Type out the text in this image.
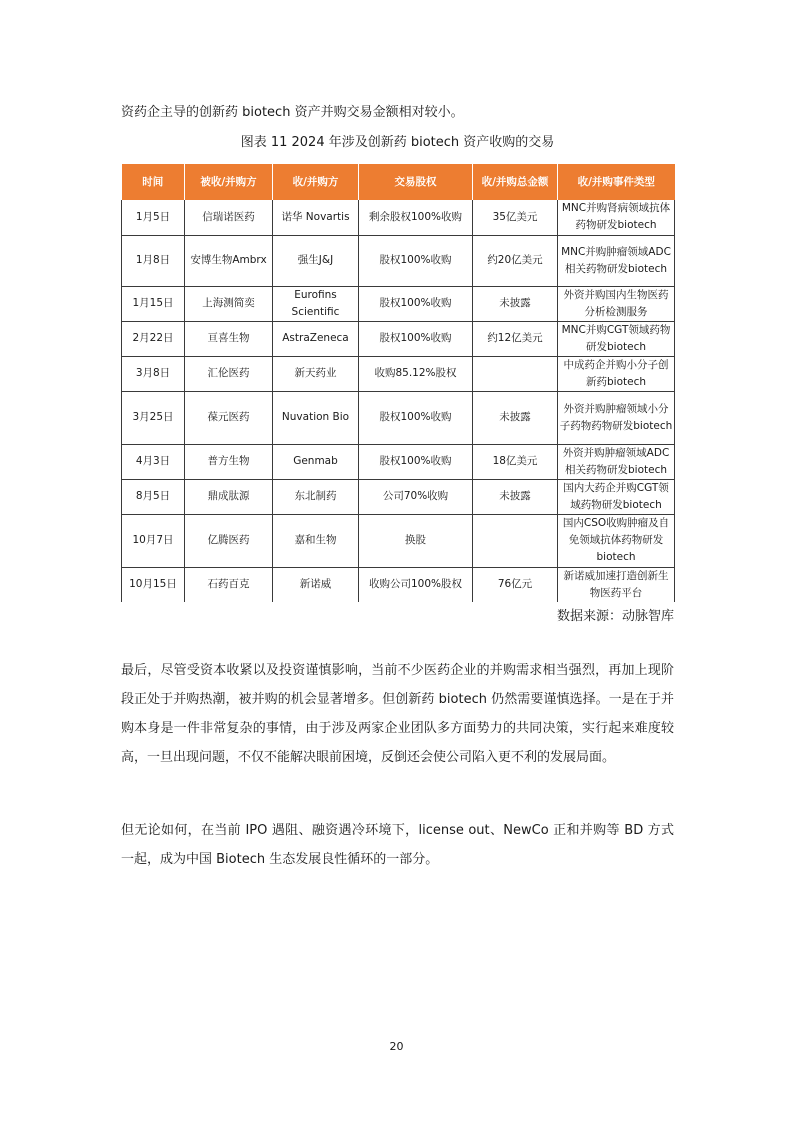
资药企主导的创新药 biotech 资产并购交易金额相对较小。

图表 11 2024 年涉及创新药 biotech 资产收购的交易
时间	被收/并购方	收/并购方	交易股权	收/并购总金额	收/并购事件类型
1月5日	信瑞诺医药	诺华 Novartis	剩余股权100%收购	35亿美元	MNC并购肾病领域抗体药物研发biotech
1月8日	安博生物Ambrx	强生J&J	股权100%收购	约20亿美元	MNC并购肿瘤领域ADC相关药物研发biotech
1月15日	上海测简奕	Eurofins Scientific	股权100%收购	未披露	外资并购国内生物医药分析检测服务
2月22日	亘喜生物	AstraZeneca	股权100%收购	约12亿美元	MNC并购CGT领域药物研发biotech
3月8日	汇伦医药	新天药业	收购85.12%股权		中成药企并购小分子创新药biotech
3月25日	葆元医药	Nuvation Bio	股权100%收购	未披露	外资并购肿瘤领域小分子药物药物研发biotech
4月3日	普方生物	Genmab	股权100%收购	18亿美元	外资并购肿瘤领域ADC相关药物研发biotech
8月5日	鼎成肽源	东北制药	公司70%收购	未披露	国内大药企并购CGT领域药物研发biotech
10月7日	亿腾医药	嘉和生物	换股		国内CSO收购肿瘤及自免领域抗体药物研发biotech
10月15日	石药百克	新诺威	收购公司100%股权	76亿元	新诺威加速打造创新生物医药平台
数据来源：动脉智库

最后，尽管受资本收紧以及投资谨慎影响，当前不少医药企业的并购需求相当强烈，再加上现阶段正处于并购热潮，被并购的机会显著增多。但创新药 biotech 仍然需要谨慎选择。一是在于并购本身是一件非常复杂的事情，由于涉及两家企业团队多方面势力的共同决策，实行起来难度较高，一旦出现问题，不仅不能解决眼前困境，反倒还会使公司陷入更不利的发展局面。

但无论如何，在当前 IPO 遇阻、融资遇冷环境下，license out、NewCo 正和并购等 BD 方式一起，成为中国 Biotech 生态发展良性循环的一部分。

20
